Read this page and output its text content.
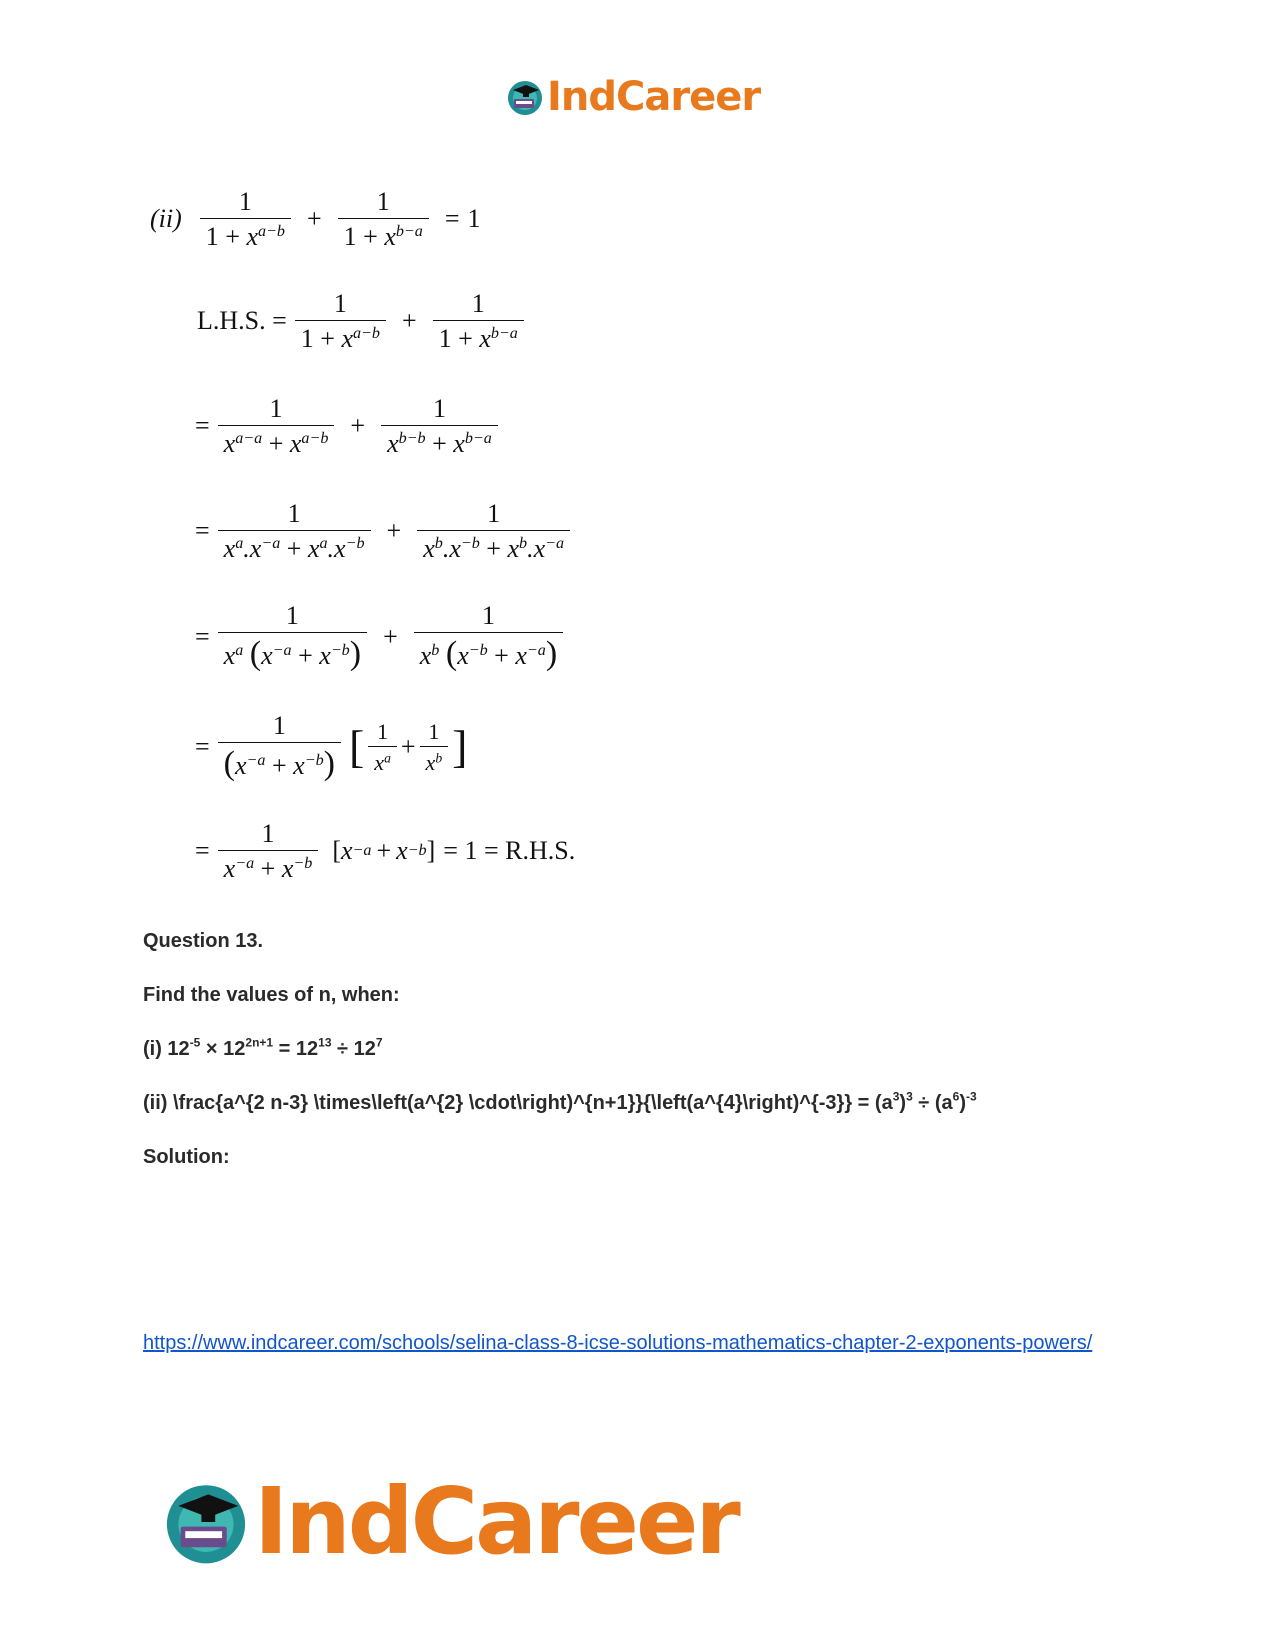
IndCareer
$(ii) \frac{1}{1 + x^{a-b}} + \frac{1}{1 + x^{b-a}} = 1$
L.H.S. = $\frac{1}{1 + x^{a-b}} + \frac{1}{1 + x^{b-a}}$
= $\frac{1}{x^{a-a} + x^{a-b}} + \frac{1}{x^{b-b} + x^{b-a}}$
= $\frac{1}{x^a.x^{-a} + x^a.x^{-b}} + \frac{1}{x^b.x^{-b} + x^b.x^{-a}}$
= $\frac{1}{x^a (x^{-a} + x^{-b})} + \frac{1}{x^b (x^{-b} + x^{-a})}$
= $\frac{1}{(x^{-a} + x^{-b})}$ [ $\frac{1}{x^a} + \frac{1}{x^b}$ ]
= $\frac{1}{x^{-a} + x^{-b}}$ [ x −a + x −b ] = 1 = R.H.S.
Question 13.
Find the values of n, when:
(i) $12^{-5} \times 12^{2n+1} = 12^{13} \div 12^7$
(ii) \frac{a^{2 n-3} \times\left(a^{2} \cdot\right)^{n+1}}{\left(a^{4}\right)^{-3}} = $(a^3)^3 \div (a^6)^{-3}$
Solution:
https://www.indcareer.com/schools/selina-class-8-icse-solutions-mathematics-chapter-2-exponents-powers/
IndCareer
